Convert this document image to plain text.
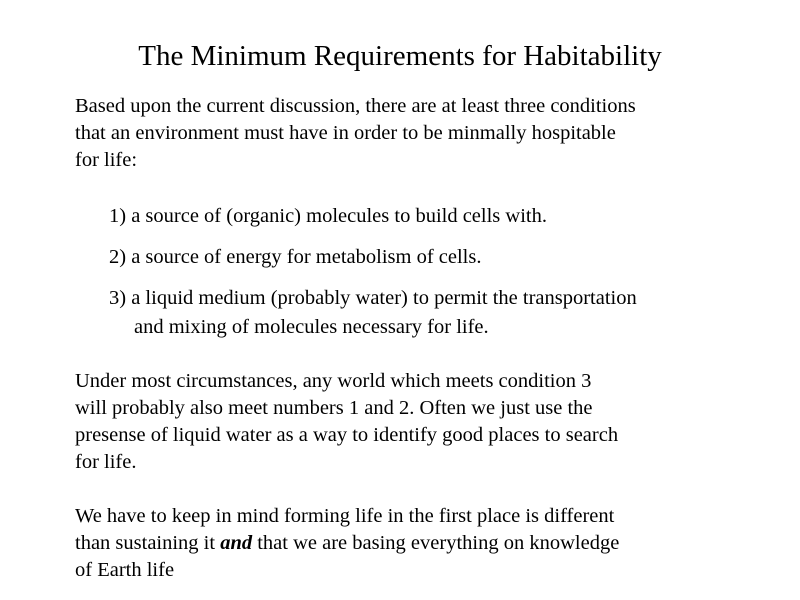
The Minimum Requirements for Habitability

Based upon the current discussion, there are at least three conditions
that an environment must have in order to be minmally hospitable
for life:

1) a source of (organic) molecules to build cells with.

2) a source of energy for metabolism of cells.

3) a liquid medium (probably water) to permit the transportation
and mixing of molecules necessary for life.

Under most circumstances, any world which meets condition 3
will probably also meet numbers 1 and 2. Often we just use the
presense of liquid water as a way to identify good places to search
for life.

We have to keep in mind forming life in the first place is different
than sustaining it and that we are basing everything on knowledge
of Earth life
